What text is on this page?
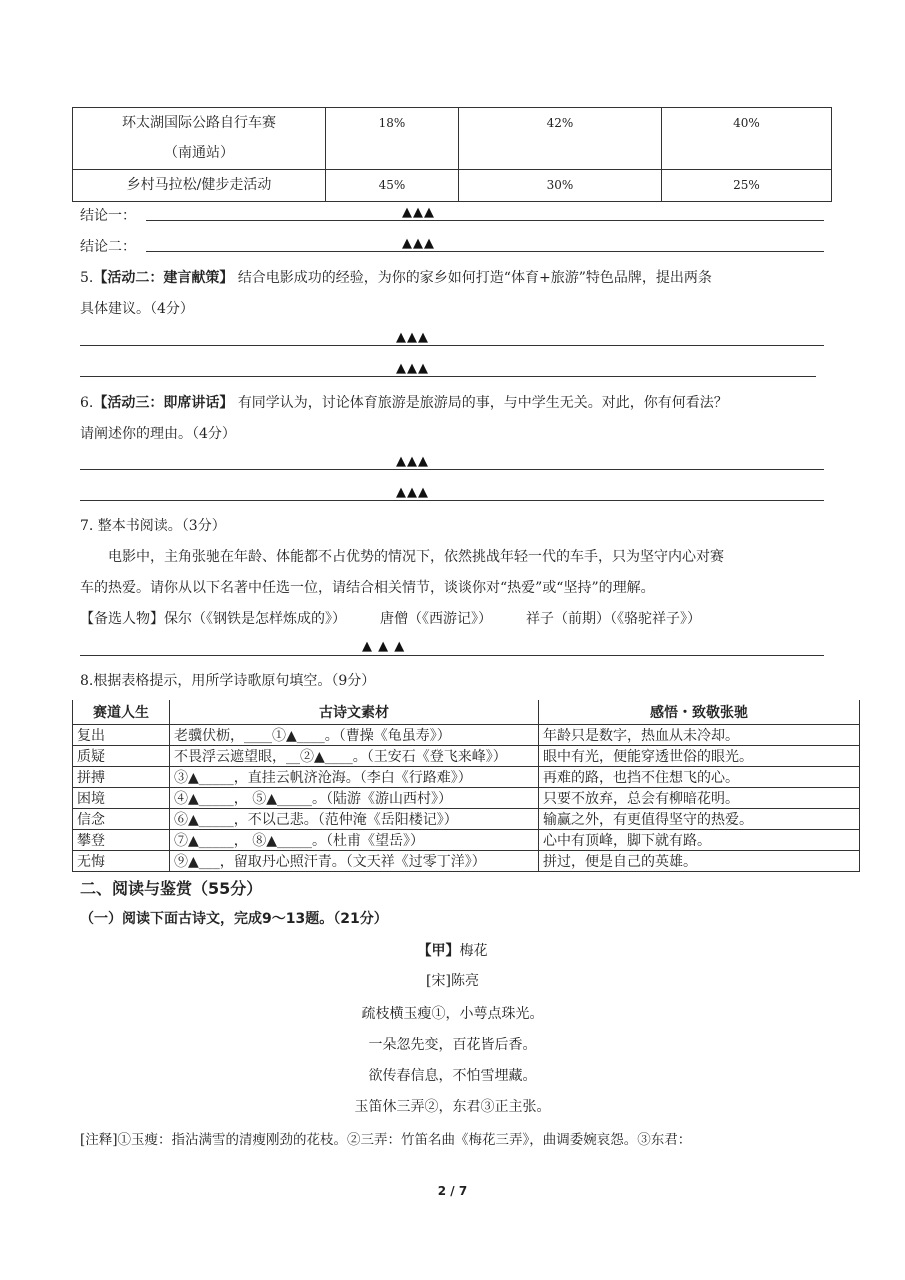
环太湖国际公路自行车赛
（南通站）	18%	42%	40%
乡村马拉松/健步走活动	45%	30%	25%
结论一：	▲▲▲
结论二：	▲▲▲
5.【活动二：建言献策】 结合电影成功的经验，为你的家乡如何打造“体育+旅游”特色品牌，提出两条
具体建议。（4分）
▲▲▲
▲▲▲
6.【活动三：即席讲话】 有同学认为，讨论体育旅游是旅游局的事，与中学生无关。对此，你有何看法？
请阐述你的理由。（4分）
▲▲▲
▲▲▲
7. 整本书阅读。（3分）
电影中，主角张驰在年龄、体能都不占优势的情况下，依然挑战年轻一代的车手，只为坚守内心对赛
车的热爱。请你从以下名著中任选一位，请结合相关情节，谈谈你对“热爱”或“坚持”的理解。
【备选人物】保尔（《钢铁是怎样炼成的》） 唐僧（《西游记》） 祥子（前期）（《骆驼祥子》）
▲ ▲ ▲
8.根据表格提示，用所学诗歌原句填空。（9分）
赛道人生	古诗文素材	感悟・致敬张驰
复出	老骥伏枥，____①▲____。（曹操《龟虽寿》）	年龄只是数字，热血从未冷却。
质疑	不畏浮云遮望眼，__②▲____。（王安石《登飞来峰》）	眼中有光，便能穿透世俗的眼光。
拼搏	③▲_____，直挂云帆济沧海。（李白《行路难》）	再难的路，也挡不住想飞的心。
困境	④▲_____， ⑤▲_____。（陆游《游山西村》）	只要不放弃，总会有柳暗花明。
信念	⑥▲_____，不以己悲。（范仲淹《岳阳楼记》）	输赢之外，有更值得坚守的热爱。
攀登	⑦▲_____， ⑧▲_____。（杜甫《望岳》）	心中有顶峰，脚下就有路。
无悔	⑨▲___，留取丹心照汗青。（文天祥《过零丁洋》）	拼过，便是自己的英雄。
二、阅读与鉴赏（55分）
（一）阅读下面古诗文，完成9～13题。（21分）
【甲】梅花
[宋]陈亮
疏枝横玉瘦①，小萼点珠光。
一朵忽先变，百花皆后香。
欲传春信息，不怕雪埋藏。
玉笛休三弄②，东君③正主张。
[注释]①玉瘦：指沾满雪的清瘦刚劲的花枝。②三弄：竹笛名曲《梅花三弄》，曲调委婉哀怨。③东君：
2 / 7
